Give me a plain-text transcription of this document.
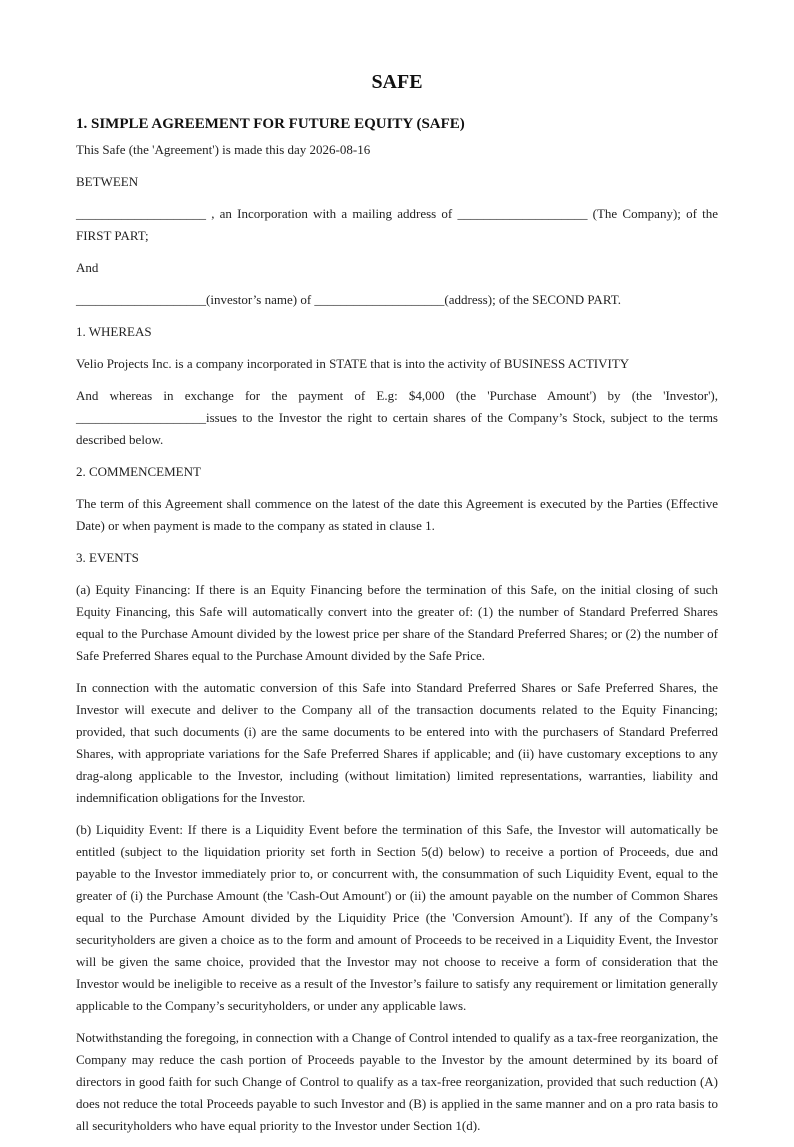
SAFE
1. SIMPLE AGREEMENT FOR FUTURE EQUITY (SAFE)

This Safe (the 'Agreement') is made this day 2026-08-16

BETWEEN

____________________ , an Incorporation with a mailing address of ____________________ (The Company); of the FIRST PART;

And

____________________(investor’s name) of ____________________(address); of the SECOND PART.

1. WHEREAS

Velio Projects Inc. is a company incorporated in STATE that is into the activity of BUSINESS ACTIVITY

And whereas in exchange for the payment of E.g: $4,000 (the 'Purchase Amount') by (the 'Investor'), ____________________issues to the Investor the right to certain shares of the Company’s Stock, subject to the terms described below.

2. COMMENCEMENT

The term of this Agreement shall commence on the latest of the date this Agreement is executed by the Parties (Effective Date) or when payment is made to the company as stated in clause 1.

3. EVENTS

(a) Equity Financing: If there is an Equity Financing before the termination of this Safe, on the initial closing of such Equity Financing, this Safe will automatically convert into the greater of: (1) the number of Standard Preferred Shares equal to the Purchase Amount divided by the lowest price per share of the Standard Preferred Shares; or (2) the number of Safe Preferred Shares equal to the Purchase Amount divided by the Safe Price.

In connection with the automatic conversion of this Safe into Standard Preferred Shares or Safe Preferred Shares, the Investor will execute and deliver to the Company all of the transaction documents related to the Equity Financing; provided, that such documents (i) are the same documents to be entered into with the purchasers of Standard Preferred Shares, with appropriate variations for the Safe Preferred Shares if applicable; and (ii) have customary exceptions to any drag-along applicable to the Investor, including (without limitation) limited representations, warranties, liability and indemnification obligations for the Investor.

(b) Liquidity Event: If there is a Liquidity Event before the termination of this Safe, the Investor will automatically be entitled (subject to the liquidation priority set forth in Section 5(d) below) to receive a portion of Proceeds, due and payable to the Investor immediately prior to, or concurrent with, the consummation of such Liquidity Event, equal to the greater of (i) the Purchase Amount (the 'Cash-Out Amount') or (ii) the amount payable on the number of Common Shares equal to the Purchase Amount divided by the Liquidity Price (the 'Conversion Amount'). If any of the Company’s securityholders are given a choice as to the form and amount of Proceeds to be received in a Liquidity Event, the Investor will be given the same choice, provided that the Investor may not choose to receive a form of consideration that the Investor would be ineligible to receive as a result of the Investor’s failure to satisfy any requirement or limitation generally applicable to the Company’s securityholders, or under any applicable laws.

Notwithstanding the foregoing, in connection with a Change of Control intended to qualify as a tax-free reorganization, the Company may reduce the cash portion of Proceeds payable to the Investor by the amount determined by its board of directors in good faith for such Change of Control to qualify as a tax-free reorganization, provided that such reduction (A) does not reduce the total Proceeds payable to such Investor and (B) is applied in the same manner and on a pro rata basis to all securityholders who have equal priority to the Investor under Section 1(d).
